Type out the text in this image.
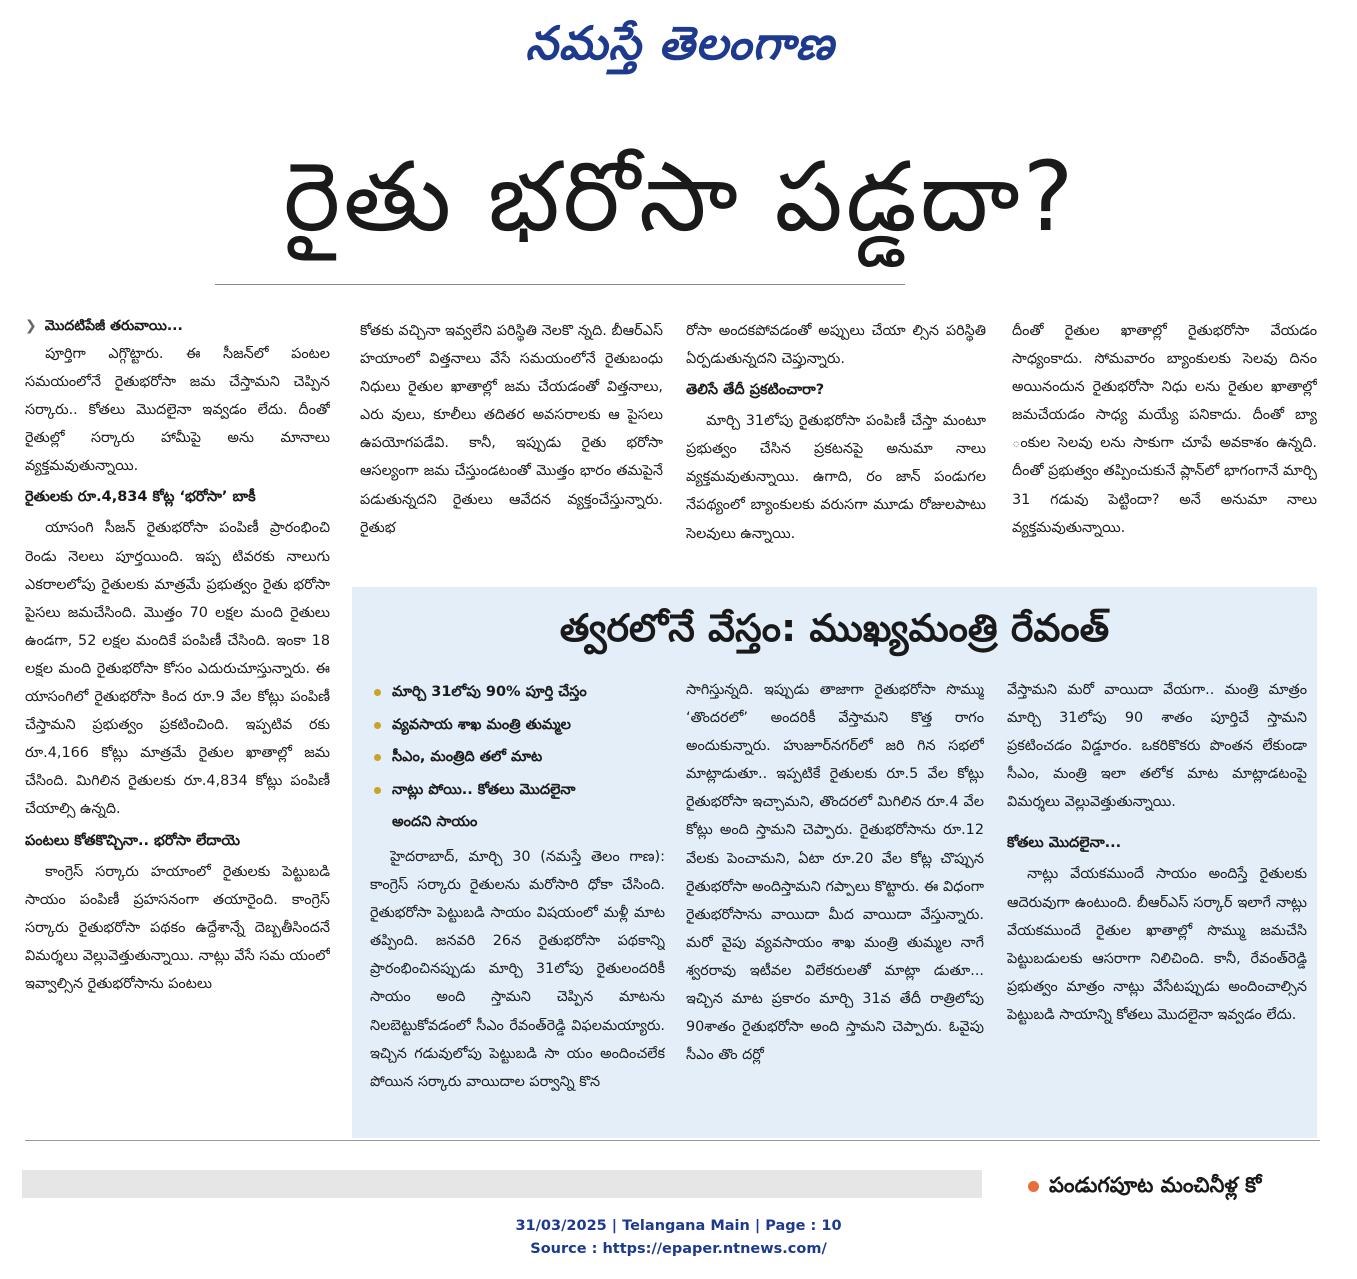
నమస్తే తెలంగాణ
రైతు భరోసా పడ్డదా?
❯ మొదటిపేజీ తరువాయి...

పూర్తిగా ఎగ్గొట్టారు. ఈ సీజన్‌లో పంటల సమయంలోనే రైతుభరోసా జమ చేస్తామని చెప్పిన సర్కారు.. కోతలు మొదలైనా ఇవ్వడం లేదు. దీంతో రైతుల్లో సర్కారు హామీపై అను మానాలు వ్యక్తమవుతున్నాయి.

రైతులకు రూ.4,834 కోట్ల ‘భరోసా’ బాకీ

యాసంగి సీజన్ రైతుభరోసా పంపిణీ ప్రారంభించి రెండు నెలలు పూర్తయింది. ఇప్ప టివరకు నాలుగు ఎకరాలలోపు రైతులకు మాత్రమే ప్రభుత్వం రైతు భరోసా పైసలు జమచేసింది. మొత్తం 70 లక్షల మంది రైతులు ఉండగా, 52 లక్షల మందికే పంపిణీ చేసింది. ఇంకా 18 లక్షల మంది రైతుభరోసా కోసం ఎదురుచూస్తున్నారు. ఈ యాసంగిలో రైతుభరోసా కింద రూ.9 వేల కోట్లు పంపిణీ చేస్తామని ప్రభుత్వం ప్రకటించింది. ఇప్పటివ రకు రూ.4,166 కోట్లు మాత్రమే రైతుల ఖాతాల్లో జమ చేసింది. మిగిలిన రైతులకు రూ.4,834 కోట్లు పంపిణీ చేయాల్సి ఉన్నది.

పంటలు కోతకొచ్చినా.. భరోసా లేదాయె

కాంగ్రెస్ సర్కారు హయాంలో రైతులకు పెట్టుబడి సాయం పంపిణీ ప్రహసనంగా తయారైంది. కాంగ్రెస్ సర్కారు రైతుభరోసా పథకం ఉద్దేశాన్నే దెబ్బతీసిందనే విమర్శలు వెల్లువెత్తుతున్నాయి. నాట్లు వేసే సమ యంలో ఇవ్వాల్సిన రైతుభరోసాను పంటలు

కోతకు వచ్చినా ఇవ్వలేని పరిస్థితి నెలకొ న్నది. బీఆర్‌ఎస్ హయాంలో విత్తనాలు వేసే సమయంలోనే రైతుబంధు నిధులు రైతుల ఖాతాల్లో జమ చేయడంతో విత్తనాలు, ఎరు వులు, కూలీలు తదితర అవసరాలకు ఆ పైసలు ఉపయోగపడేవి. కానీ, ఇప్పుడు రైతు భరోసా ఆసల్యంగా జమ చేస్తుండటంతో మొత్తం భారం తమపైనే పడుతున్నదని రైతులు ఆవేదన వ్యక్తంచేస్తున్నారు. రైతుభ

రోసా అందకపోవడంతో అప్పులు చేయా ల్సిన పరిస్థితి ఏర్పడుతున్నదని చెప్తున్నారు.

తెలిసే తేదీ ప్రకటించారా?

మార్చి 31లోపు రైతుభరోసా పంపిణీ చేస్తా మంటూ ప్రభుత్వం చేసిన ప్రకటనపై అనుమా నాలు వ్యక్తమవుతున్నాయి. ఉగాది, రం జాన్ పండుగల నేపథ్యంలో బ్యాంకులకు వరుసగా మూడు రోజులపాటు సెలవులు ఉన్నాయి.

దీంతో రైతుల ఖాతాల్లో రైతుభరోసా వేయడం సాధ్యంకాదు. సోమవారం బ్యాంకులకు సెలవు దినం అయినందున రైతుభరోసా నిధు లను రైతుల ఖాతాల్లో జమచేయడం సాధ్య మయ్యే పనికాదు. దీంతో బ్యా ంకుల సెలవు లను సాకుగా చూపే అవకాశం ఉన్నది. దీంతో ప్రభుత్వం తప్పించుకునే ప్లాన్‌లో భాగంగానే మార్చి 31 గడువు పెట్టిందా? అనే అనుమా నాలు వ్యక్తమవుతున్నాయి.

త్వరలోనే వేస్తం: ముఖ్యమంత్రి రేవంత్
మార్చి 31లోపు 90% పూర్తి చేస్తం
వ్యవసాయ శాఖ మంత్రి తుమ్మల
సీఎం, మంత్రిది తలో మాట
నాట్లు పోయి.. కోతలు మొదలైనా
అందని సాయం

హైదరాబాద్, మార్చి 30 (నమస్తే తెలం గాణ): కాంగ్రెస్ సర్కారు రైతులను మరోసారి ధోకా చేసింది. రైతుభరోసా పెట్టుబడి సాయం విషయంలో మళ్లీ మాట తప్పింది. జనవరి 26న రైతుభరోసా పథకాన్ని ప్రారంభించినప్పుడు మార్చి 31లోపు రైతులందరికీ సాయం అంది స్తామని చెప్పిన మాటను నిలబెట్టుకోవడంలో సీఎం రేవంత్‌రెడ్డి విఫలమయ్యారు. ఇచ్చిన గడువులోపు పెట్టుబడి సా యం అందించలేక పోయిన సర్కారు వాయిదాల పర్వాన్ని కొన

సాగిస్తున్నది. ఇప్పుడు తాజాగా రైతుభరోసా సొమ్ము ‘తొందరలో’ అందరికీ వేస్తామని కొత్త రాగం అందుకున్నారు. హుజూర్‌నగర్‌లో జరి గిన సభలో మాట్లాడుతూ.. ఇప్పటికే రైతులకు రూ.5 వేల కోట్లు రైతుభరోసా ఇచ్చామని, తొందరలో మిగిలిన రూ.4 వేల కోట్లు అంది స్తామని చెప్పారు. రైతుభరోసాను రూ.12 వేలకు పెంచామని, ఏటా రూ.20 వేల కోట్ల చొప్పున రైతుభరోసా అందిస్తామని గప్పాలు కొట్టారు. ఈ విధంగా రైతుభరోసాను వాయిదా మీద వాయిదా వేస్తున్నారు. మరో వైపు వ్యవసాయం శాఖ మంత్రి తుమ్మల నాగే శ్వరరావు ఇటీవల విలేకరులతో మాట్లా డుతూ... ఇచ్చిన మాట ప్రకారం మార్చి 31వ తేదీ రాత్రిలోపు 90శాతం రైతుభరోసా అంది స్తామని చెప్పారు. ఓవైపు సీఎం తొం దర్లో

వేస్తామని మరో వాయిదా వేయగా.. మంత్రి మాత్రం మార్చి 31లోపు 90 శాతం పూర్తిచే స్తామని ప్రకటించడం విడ్డూరం. ఒకరికొకరు పొంతన లేకుండా సీఎం, మంత్రి ఇలా తలోక మాట మాట్లాడటంపై విమర్శలు వెల్లువెత్తుతున్నాయి.

కోతలు మొదలైనా...

నాట్లు వేయకముందే సాయం అందిస్తే రైతులకు ఆదెరువుగా ఉంటుంది. బీఆర్‌ఎస్ సర్కార్ ఇలాగే నాట్లు వేయకముందే రైతుల ఖాతాల్లో సొమ్ము జమచేసి పెట్టుబడులకు ఆసరాగా నిలిచింది. కానీ, రేవంత్‌రెడ్డి ప్రభుత్వం మాత్రం నాట్లు వేసేటప్పుడు అందించాల్సిన పెట్టుబడి సాయాన్ని కోతలు మొదలైనా ఇవ్వడం లేదు.

పండుగపూట మంచినీళ్ల కో
31/03/2025 | Telangana Main | Page : 10
Source : https://epaper.ntnews.com/
